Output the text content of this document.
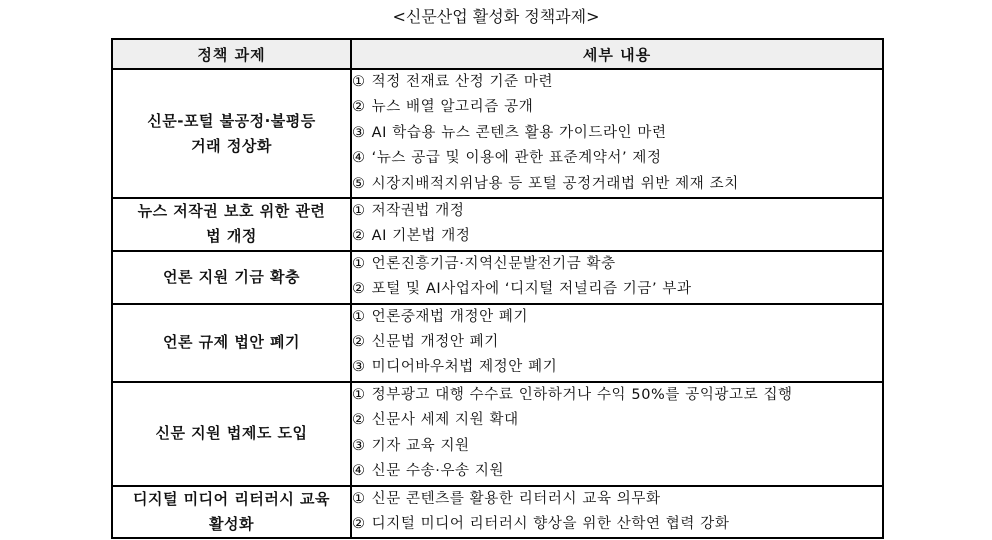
<신문산업 활성화 정책과제>
정책 과제	세부 내용

신문-포털 불공정·불평등
거래 정상화	① 적정 전재료 산정 기준 마련
② 뉴스 배열 알고리즘 공개
③ AI 학습용 뉴스 콘텐츠 활용 가이드라인 마련
④ ‘뉴스 공급 및 이용에 관한 표준계약서’ 제정
⑤ 시장지배적지위남용 등 포털 공정거래법 위반 제재 조치

뉴스 저작권 보호 위한 관련
법 개정	① 저작권법 개정
② AI 기본법 개정

언론 지원 기금 확충	① 언론진흥기금·지역신문발전기금 확충
② 포털 및 AI사업자에 ‘디지털 저널리즘 기금’ 부과

언론 규제 법안 폐기	① 언론중재법 개정안 폐기
② 신문법 개정안 폐기
③ 미디어바우처법 제정안 폐기

신문 지원 법제도 도입	① 정부광고 대행 수수료 인하하거나 수익 50%를 공익광고로 집행
② 신문사 세제 지원 확대
③ 기자 교육 지원
④ 신문 수송·우송 지원

디지털 미디어 리터러시 교육
활성화	① 신문 콘텐츠를 활용한 리터러시 교육 의무화
② 디지털 미디어 리터러시 향상을 위한 산학연 협력 강화
